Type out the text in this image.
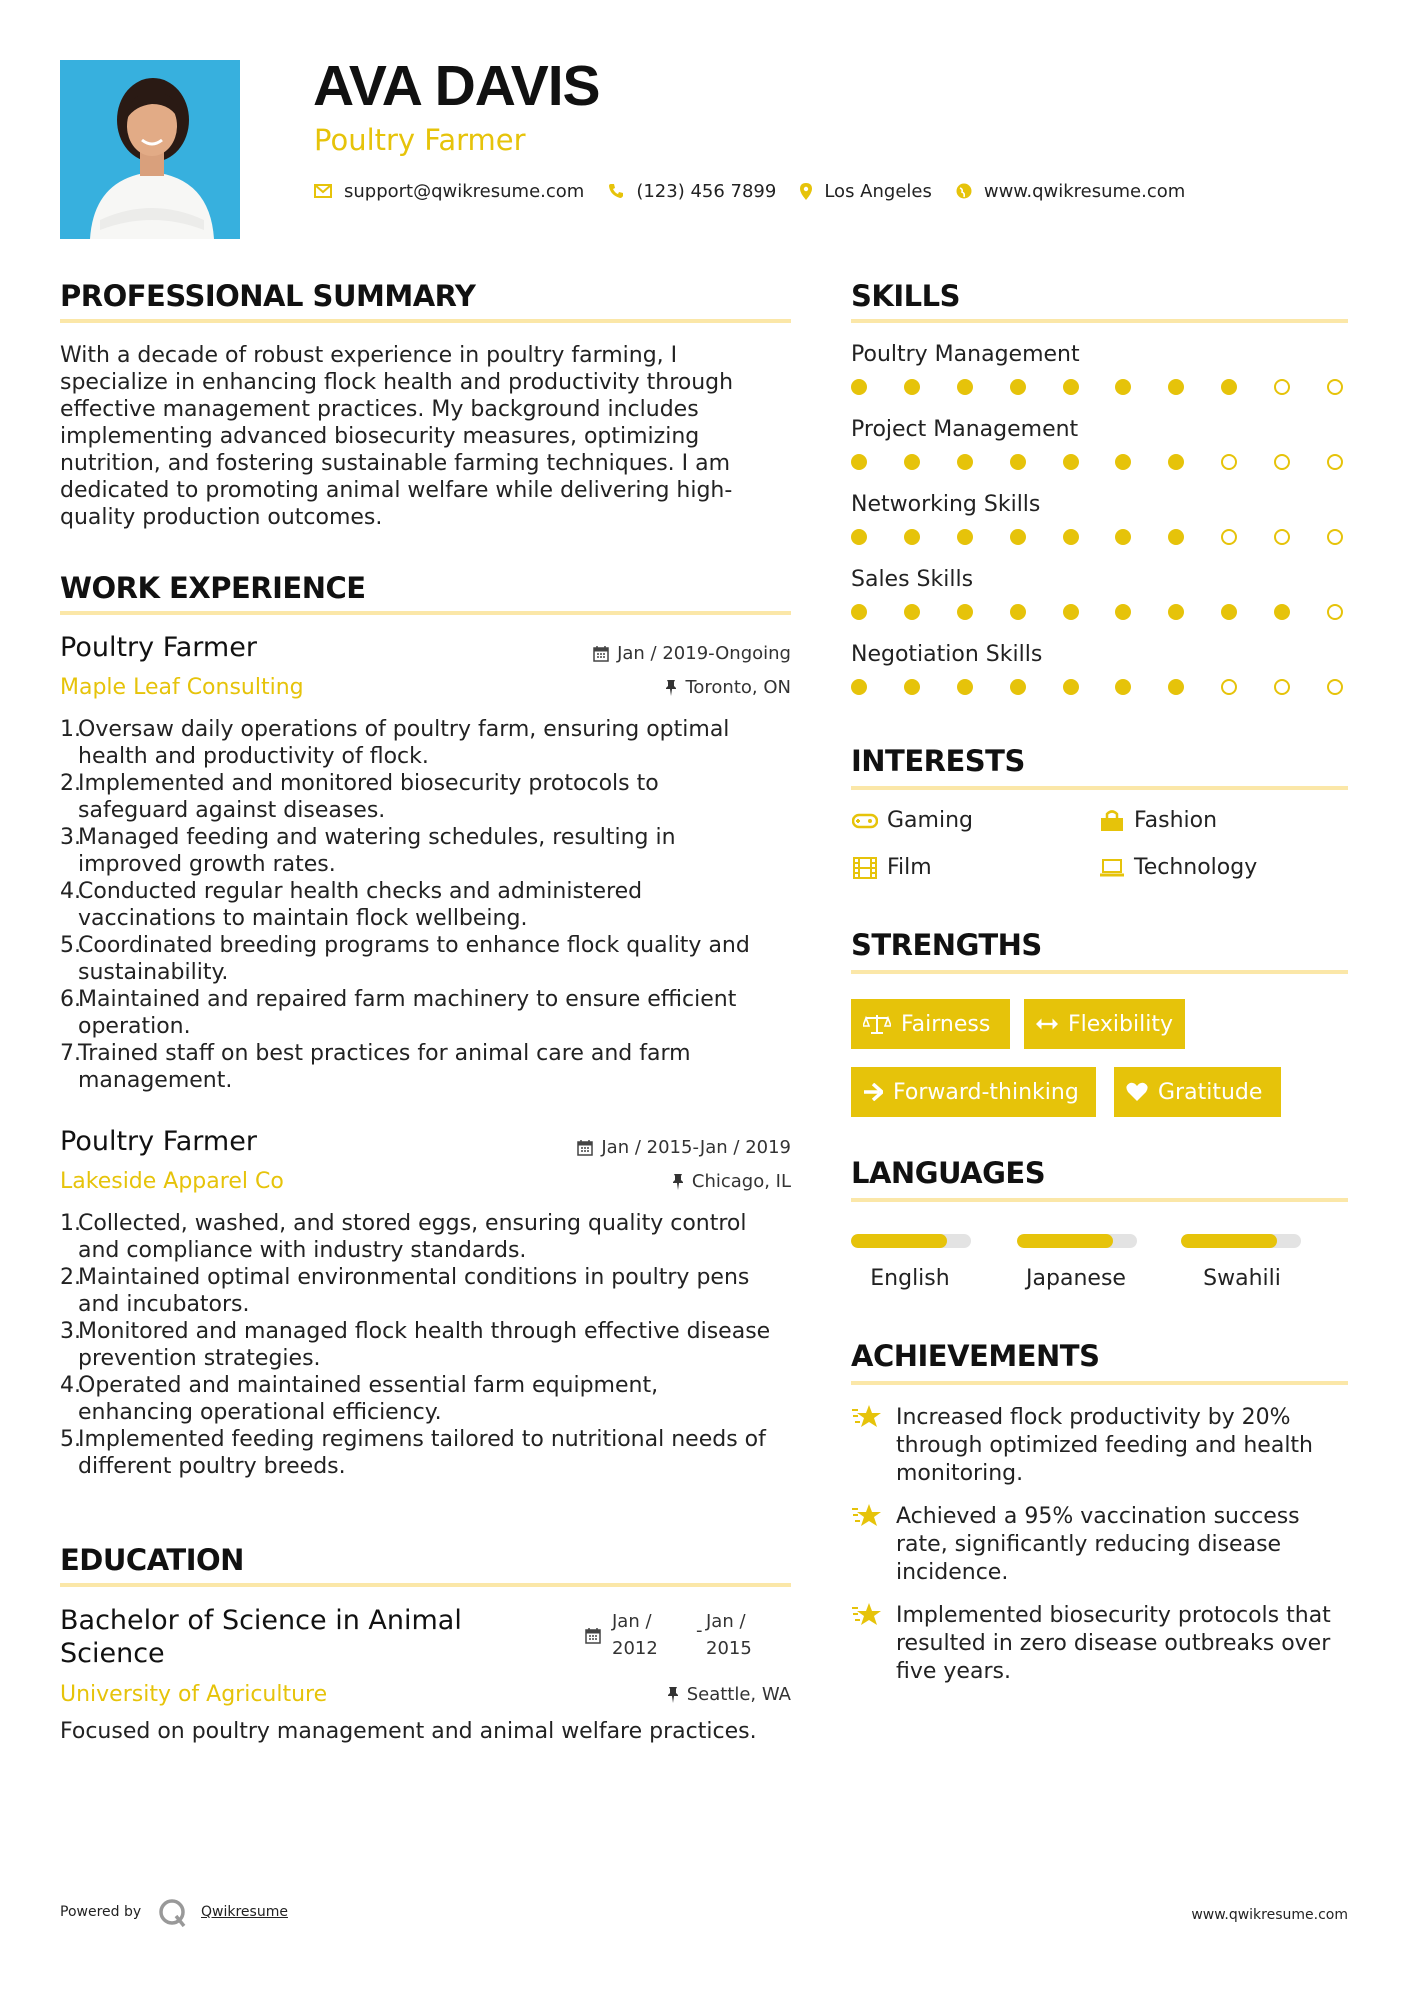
AVA DAVIS
Poultry Farmer
support@qwikresume.com	(123) 456 7899	Los Angeles	www.qwikresume.com
PROFESSIONAL SUMMARY
With a decade of robust experience in poultry farming, I
specialize in enhancing flock health and productivity through
effective management practices. My background includes
implementing advanced biosecurity measures, optimizing
nutrition, and fostering sustainable farming techniques. I am
dedicated to promoting animal welfare while delivering high-
quality production outcomes.
WORK EXPERIENCE
Poultry Farmer	Jan / 2019-Ongoing
Maple Leaf Consulting	Toronto, ON
1.
Oversaw daily operations of poultry farm, ensuring optimal
health and productivity of flock.
2.
Implemented and monitored biosecurity protocols to
safeguard against diseases.
3.
Managed feeding and watering schedules, resulting in
improved growth rates.
4.
Conducted regular health checks and administered
vaccinations to maintain flock wellbeing.
5.
Coordinated breeding programs to enhance flock quality and
sustainability.
6.
Maintained and repaired farm machinery to ensure efficient
operation.
7.
Trained staff on best practices for animal care and farm
management.
Poultry Farmer	Jan / 2015-Jan / 2019
Lakeside Apparel Co	Chicago, IL
1.
Collected, washed, and stored eggs, ensuring quality control
and compliance with industry standards.
2.
Maintained optimal environmental conditions in poultry pens
and incubators.
3.
Monitored and managed flock health through effective disease
prevention strategies.
4.
Operated and maintained essential farm equipment,
enhancing operational efficiency.
5.
Implemented feeding regimens tailored to nutritional needs of
different poultry breeds.
EDUCATION
Bachelor of Science in Animal
Science
Jan /
2012
- Jan /
2015
University of Agriculture	Seattle, WA
Focused on poultry management and animal welfare practices.
SKILLS
Poultry Management
Project Management
Networking Skills
Sales Skills
Negotiation Skills
INTERESTS
Gaming	Fashion
Film	Technology
STRENGTHS
Fairness	Flexibility
Forward-thinking	Gratitude
LANGUAGES
English	Japanese	Swahili
ACHIEVEMENTS
Increased flock productivity by 20%
through optimized feeding and health
monitoring.
Achieved a 95% vaccination success
rate, significantly reducing disease
incidence.
Implemented biosecurity protocols that
resulted in zero disease outbreaks over
five years.
Powered by	Qwikresume	www.qwikresume.com
